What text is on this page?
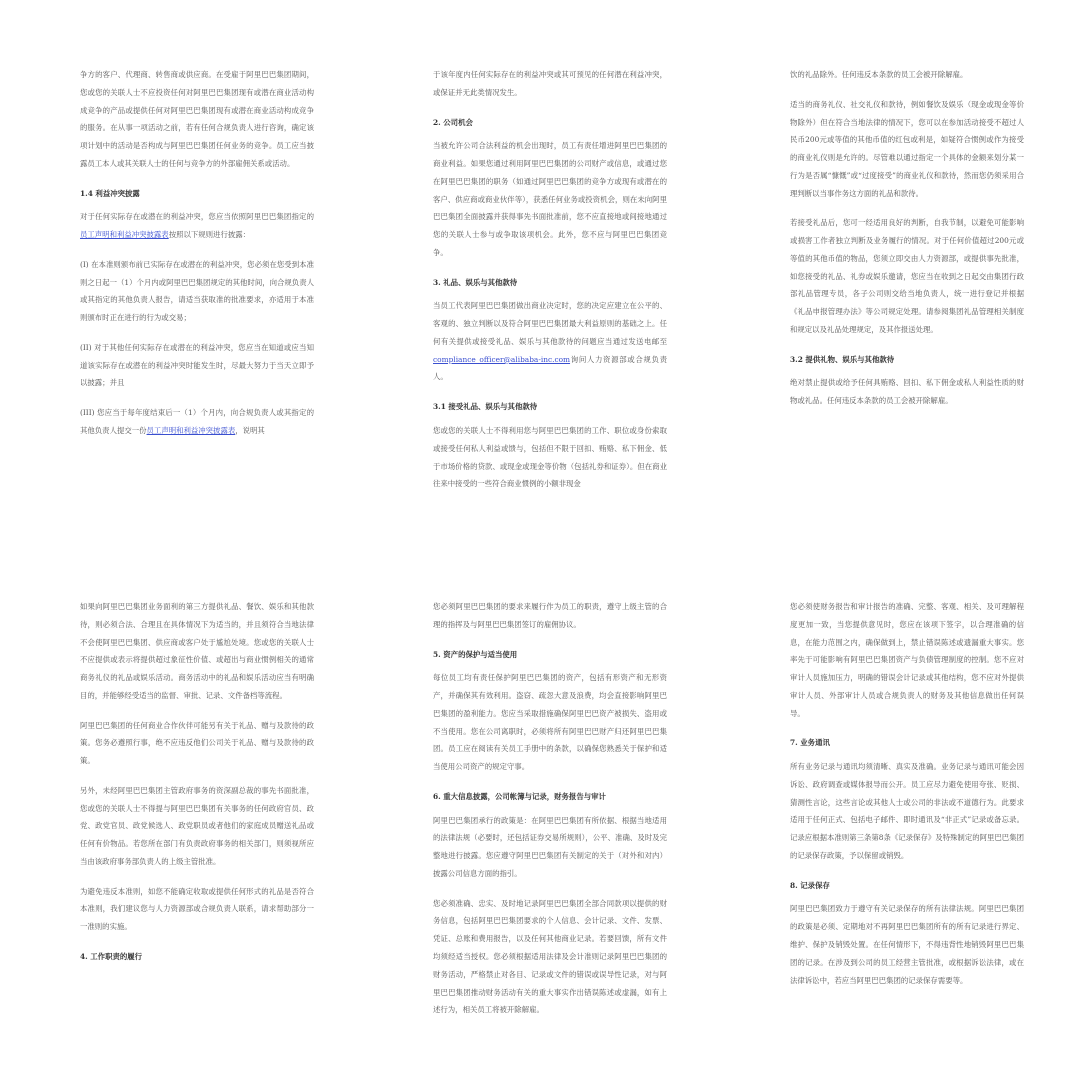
争方的客户、代理商、转售商或供应商。在受雇于阿里巴巴集团期间，您或您的关联人士不应投资任何对阿里巴巴集团现有或潜在商业活动构成竞争的产品或提供任何对阿里巴巴集团现有或潜在商业活动构成竞争的服务。在从事一项活动之前，若有任何合规负责人进行咨询，确定该项计划中的活动是否构成与阿里巴巴集团任何业务的竞争。员工应当披露员工本人或其关联人士的任何与竞争方的外部雇佣关系或活动。

1.4 利益冲突披露

对于任何实际存在或潜在的利益冲突，您应当依照阿里巴巴集团指定的员工声明和利益冲突披露表按照以下规则进行披露：

(I) 在本准则颁布前已实际存在或潜在的利益冲突，您必须在您受到本准则之日起一（1）个月内或阿里巴巴集团规定的其他时间，向合规负责人或其指定的其他负责人报告，请适当获取准的批准要求，亦适用于本准则颁布时正在进行的行为或交易；

(II) 对于其他任何实际存在或潜在的利益冲突，您应当在知道或应当知道该实际存在或潜在的利益冲突时能发生时，尽最大努力于当天立即予以披露；并且

(III) 您应当于每年度结束后一（1）个月内，向合规负责人或其指定的其他负责人提交一份员工声明和利益冲突披露表，说明其

于该年度内任何实际存在的利益冲突或其可预见的任何潜在利益冲突，或保证并无此类情况发生。

2. 公司机会

当被允许公司合法利益的机会出现时，员工有责任增进阿里巴巴集团的商业利益。如果您通过利用阿里巴巴集团的公司财产或信息，或通过您在阿里巴巴集团的职务（如通过阿里巴巴集团的竞争方或现有或潜在的客户、供应商或商业伙伴等），获悉任何业务或投资机会，则在未向阿里巴巴集团全面披露并获得事先书面批准前，您不应直接地或间接地通过您的关联人士参与或争取该项机会。此外，您不应与阿里巴巴集团竞争。

3. 礼品、娱乐与其他款待

当员工代表阿里巴巴集团做出商业决定时，您的决定应建立在公平的、客观的、独立判断以及符合阿里巴巴集团最大利益原则的基础之上。任何有关提供或接受礼品、娱乐与其他款待的问题应当通过发送电邮至compliance_officer@alibaba-inc.com询问人力资源部或合规负责人。

3.1 接受礼品、娱乐与其他款待

您或您的关联人士不得利用您与阿里巴巴集团的工作、职位或身份索取或接受任何私人利益或馈与，包括但不限于回扣、贿赂、私下佣金、低于市场价格的贷款、或现金或现金等价物（包括礼券和证券）。但在商业往来中接受的一些符合商业惯例的小额非现金

饮的礼品除外。任何违反本条款的员工会被开除解雇。

适当的商务礼仪、社交礼仪和款待，例如餐饮及娱乐（现金或现金等价物除外）但在符合当地法律的情况下，您可以在参加活动接受不超过人民币200元或等值的其他币值的红包或利是，如疑符合惯例或作为接受的商业礼仪则是允许的。尽管难以通过指定一个具体的金额来划分某一行为是否属“慷慨”或“过度接受”的商业礼仪和款待，然而您仍须采用合理判断以当事作务这方面的礼品和款待。

若接受礼品后，您可一经适用良好的判断，自我节制，以避免可能影响或损害工作者独立判断及业务履行的情况。对于任何价值超过200元或等值的其他币值的物品，您须立即交由人力资源部，或提供事先批准，如您接受的礼品、礼券或娱乐邀请，您应当在收到之日起交由集团行政部礼品管理专员，各子公司则交给当地负责人，统一进行登记并根据《礼品申报管理办法》等公司规定处理。请参阅集团礼品管理相关制度和规定以及礼品处理规定，及其作报送处理。

3.2 提供礼物、娱乐与其他款待

绝对禁止提供或给予任何具贿赂、回扣、私下佣金或私人利益性质的财物或礼品。任何违反本条款的员工会被开除解雇。

如果向阿里巴巴集团业务面利的第三方提供礼品、餐饮、娱乐和其他款待，则必须合法、合理且在具体情况下为适当的，并且须符合当地法律不会使阿里巴巴集团、供应商或客户处于尴尬处境。您或您的关联人士不应提供或表示将提供超过象征性价值、或超出与商业惯例相关的通常商务礼仪的礼品或娱乐活动。商务活动中的礼品和娱乐活动应当有明确目的，并能够经受适当的监督、审批、记录、文件备档等流程。

阿里巴巴集团的任何商业合作伙伴可能另有关于礼品、赠与及款待的政策。您务必遵照行事，绝不应违反他们公司关于礼品、赠与及款待的政策。

另外，未经阿里巴巴集团主管政府事务的资深副总裁的事先书面批准，您或您的关联人士不得提与阿里巴巴集团有关事务的任何政府官员、政党、政党官员、政党候选人、政党职员或者他们的家庭成员赠送礼品或任何有价物品。若您所在部门有负责政府事务的相关部门，则须视所应当由该政府事务部负责人的上级主管批准。

为避免违反本准则，如您不能确定收取或提供任何形式的礼品是否符合本准则，我们建议您与人力资源部或合规负责人联系，请求帮助部分一一准则的实施。

4. 工作职责的履行

您必须阿里巴巴集团的要求来履行作为员工的职责，遵守上级主管的合理的指挥及与阿里巴巴集团签订的雇佣协议。

5. 资产的保护与适当使用

每位员工均有责任保护阿里巴巴集团的资产，包括有形资产和无形资产，并确保其有效利用。盗窃、疏忽大意及浪费，均会直接影响阿里巴巴集团的盈利能力。您应当采取措施确保阿里巴巴资产被损失、盗用或不当使用。您在公司离职时，必须将所有阿里巴巴财产归还阿里巴巴集团。员工应在阅读有关员工手册中的条款，以确保您熟悉关于保护和适当使用公司资产的规定守事。

6. 重大信息披露，公司帐簿与记录，财务报告与审计

阿里巴巴集团承行的政策是：在阿里巴巴集团有所依据、根据当地适用的法律法规（必要时，还包括证券交易所规则），公平、准确、及时及完整地进行披露。您应遵守阿里巴巴集团有关制定的关于（对外和对内）披露公司信息方面的指引。

您必须准确、忠实、及时地记录阿里巴巴集团全部合同款项以提供的财务信息，包括阿里巴巴集团要求的个人信息、会计记录、文件、发票、凭证、总账和费用报告，以及任何其他商业记录。若要回馈，所有文件均须经适当授权。您必须根据适用法律及会计准则记录阿里巴巴集团的财务活动，严格禁止对各目、记录或文件的错误或误导性记录，对与阿里巴巴集团推动财务活动有关的重大事实作出错误陈述或虚漏，如有上述行为，相关员工将被开除解雇。

您必须使财务报告和审计报告的准确、完整、客观、相关、及可理解程度更加一致，当您提供意见时，您应在该项下签字，以合理准确的信息，在能力范围之内，确保做到上，禁止错误陈述或遗漏重大事实。您率先于可能影响有阿里巴巴集团资产与负债管理制度的控制。您不应对审计人员施加压力，明确的错误会计记录或其他结构，您不应对外提供审计人员、外部审计人员或合规负责人的财务及其他信息做出任何误导。

7. 业务通讯

所有业务记录与通讯均须清晰、真实及准确。业务记录与通讯可能会因诉讼、政府调查或媒体报导而公开。员工应尽力避免使用夸张、贬损、猜测性言论，这些言论或其他人士或公司的非法或不道德行为。此要求适用于任何正式、包括电子邮件、即时通讯及“非正式”记录或备忘录。记录应根据本准则第三条第8条《记录保存》及特殊制定的阿里巴巴集团的记录保存政策，予以保留或销毁。

8. 记录保存

阿里巴巴集团致力于遵守有关记录保存的所有法律法规。阿里巴巴集团的政策是必须、定期地对不再阿里巴巴集团所有的所有记录进行界定、维护、保护及销毁处置。在任何情形下，不得违背性地销毁阿里巴巴集团的记录。在涉及到公司的员工经营主管批准，或根据诉讼法律，或在法律诉讼中，若应当阿里巴巴集团的记录保存需要等。
